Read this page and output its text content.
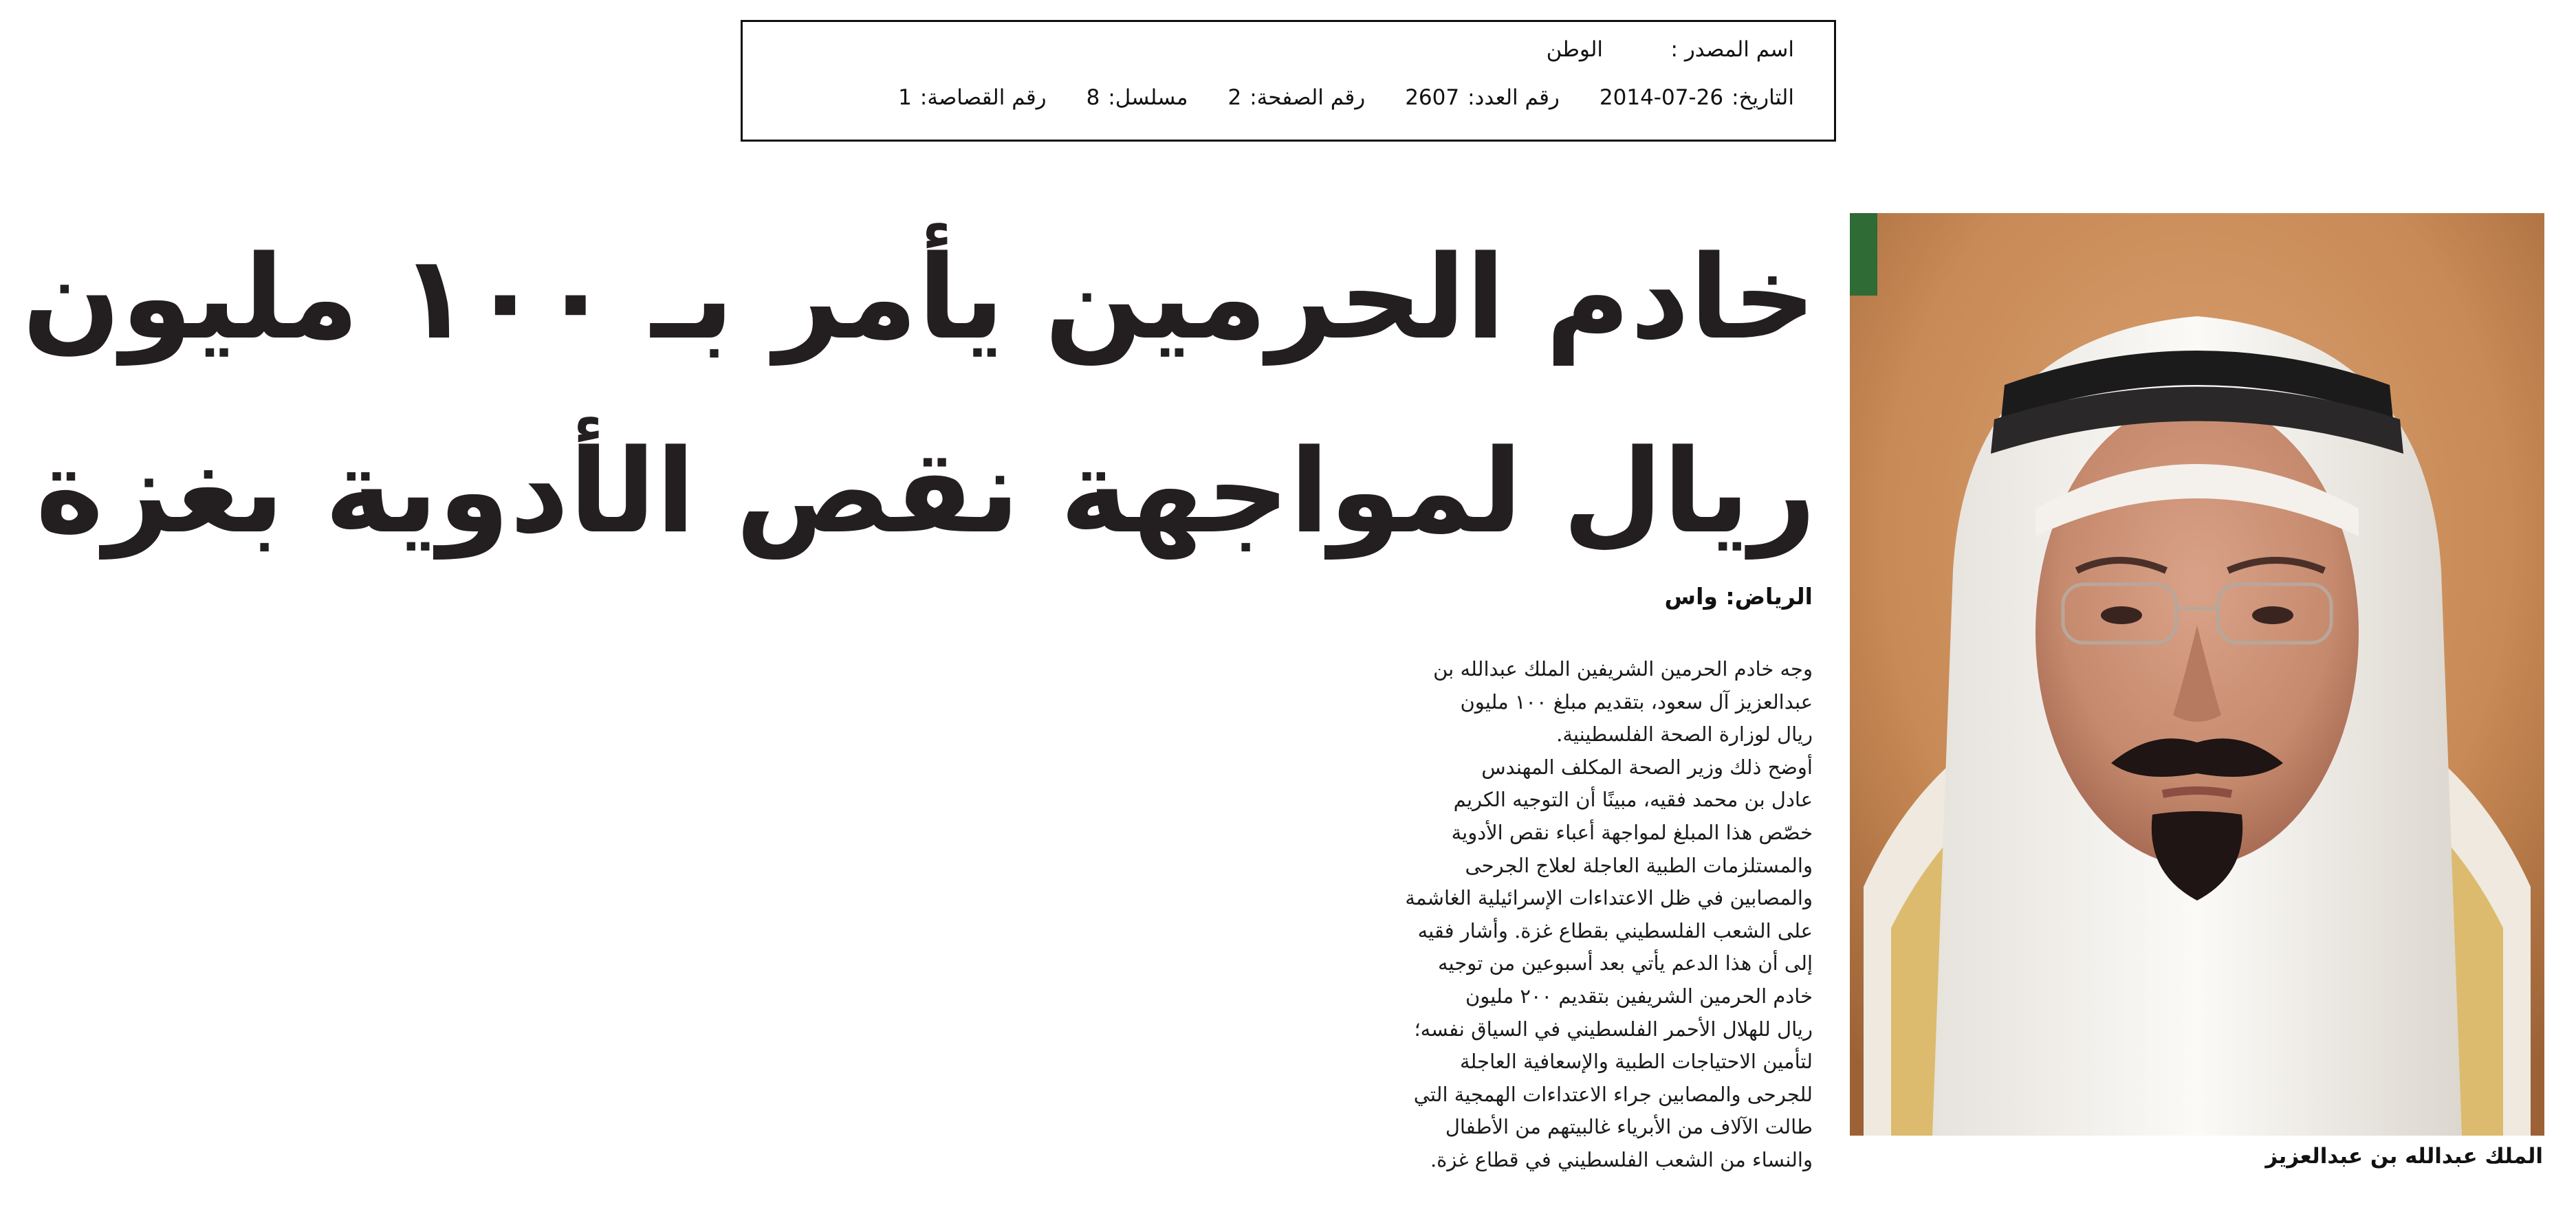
اسم المصدر :
الوطن
التاريخ:
2014-07-26
رقم العدد:
2607
رقم الصفحة:
2
مسلسل:
8
رقم القصاصة:
1
خادم الحرمين يأمر بـ ١٠٠ مليون
ريال لمواجهة نقص الأدوية بغزة
الرياض: واس
وجه خادم الحرمين الشريفين الملك عبدالله بن
عبدالعزيز آل سعود، بتقديم مبلغ ١٠٠ مليون
ريال لوزارة الصحة الفلسطينية.
أوضح ذلك وزير الصحة المكلف المهندس
عادل بن محمد فقيه، مبينًا أن التوجيه الكريم
خصّص هذا المبلغ لمواجهة أعباء نقص الأدوية
والمستلزمات الطبية العاجلة لعلاج الجرحى
والمصابين في ظل الاعتداءات الإسرائيلية الغاشمة
على الشعب الفلسطيني بقطاع غزة. وأشار فقيه
إلى أن هذا الدعم يأتي بعد أسبوعين من توجيه
خادم الحرمين الشريفين بتقديم ٢٠٠ مليون
ريال للهلال الأحمر الفلسطيني في السياق نفسه؛
لتأمين الاحتياجات الطبية والإسعافية العاجلة
للجرحى والمصابين جراء الاعتداءات الهمجية التي
طالت الآلاف من الأبرياء غالبيتهم من الأطفال
والنساء من الشعب الفلسطيني في قطاع غزة.	الملك عبدالله بن عبدالعزيز
